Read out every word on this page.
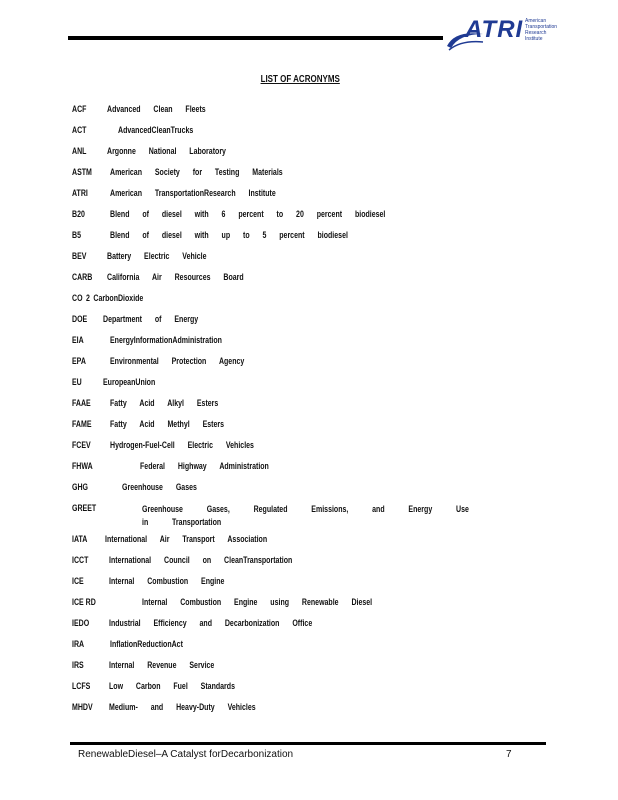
ATRI American
Transportation
Research
Institute
LIST OF ACRONYMS
ACF Advanced Clean Fleets
ACT	AdvancedCleanTrucks
ANL Argonne National Laboratory
ASTM American Society for Testing Materials
ATRI American TransportationResearch Institute
B20	Blend of diesel with 6 percent to 20 percent biodiesel
B5	Blend of diesel with up to 5 percent biodiesel
BEV Battery Electric Vehicle
CARB California Air Resources Board
CO 2 CarbonDioxide
DOE Department of Energy
EIA	EnergyInformationAdministration
EPA	Environmental Protection Agency
EU EuropeanUnion
FAAE Fatty Acid Alkyl Esters
FAME Fatty Acid Methyl Esters
FCEV Hydrogen-Fuel-Cell Electric Vehicles
FHWA	Federal Highway Administration
GHG	Greenhouse Gases
GREET	Greenhouse Gases, Regulated Emissions, and Energy Use in Transportation
IATA International Air Transport Association
ICCT International Council on CleanTransportation
ICE	Internal Combustion Engine
ICE RD	Internal Combustion Engine using Renewable Diesel
IEDO Industrial Efficiency and Decarbonization Office
IRA	InflationReductionAct
IRS	Internal Revenue Service
LCFS Low Carbon Fuel Standards
MHDV Medium- and Heavy-Duty Vehicles
RenewableDiesel–A Catalyst forDecarbonization	7
